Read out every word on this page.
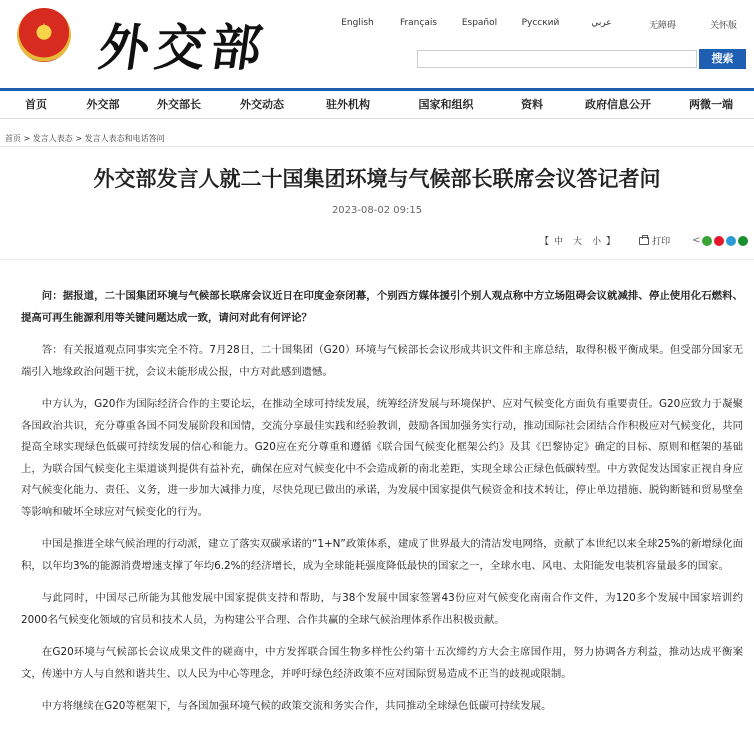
★ 外交部	English	Français	Español	Русский	عربي	无障碍	关怀版
搜索
首页	外交部	外交部长	外交动态	驻外机构	国家和组织	资料	政府信息公开	两微一端
首页 > 发言人表态 > 发言人表态和电话答问
外交部发言人就二十国集团环境与气候部长联席会议答记者问
2023-08-02 09:15
【 中 大 小 】	打印 <

问：据报道，二十国集团环境与气候部长联席会议近日在印度金奈闭幕，个别西方媒体援引个别人观点称中方立场阻碍会议就减排、停止使用化石燃料、提高可再生能源利用等关键问题达成一致，请问对此有何评论？

答：有关报道观点同事实完全不符。7月28日，二十国集团（G20）环境与气候部长会议形成共识文件和主席总结，取得积极平衡成果。但受部分国家无端引入地缘政治问题干扰，会议未能形成公报，中方对此感到遗憾。

中方认为，G20作为国际经济合作的主要论坛，在推动全球可持续发展，统筹经济发展与环境保护、应对气候变化方面负有重要责任。G20应致力于凝聚各国政治共识，充分尊重各国不同发展阶段和国情，交流分享最佳实践和经验教训，鼓励各国加强务实行动，推动国际社会团结合作积极应对气候变化，共同提高全球实现绿色低碳可持续发展的信心和能力。G20应在充分尊重和遵循《联合国气候变化框架公约》及其《巴黎协定》确定的目标、原则和框架的基础上，为联合国气候变化主渠道谈判提供有益补充，确保在应对气候变化中不会造成新的南北差距，实现全球公正绿色低碳转型。中方敦促发达国家正视自身应对气候变化能力、责任、义务，进一步加大减排力度，尽快兑现已做出的承诺，为发展中国家提供气候资金和技术转让，停止单边措施、脱钩断链和贸易壁垒等影响和破坏全球应对气候变化的行为。

中国是推进全球气候治理的行动派，建立了落实双碳承诺的“1+N”政策体系，建成了世界最大的清洁发电网络，贡献了本世纪以来全球25%的新增绿化面积，以年均3%的能源消费增速支撑了年均6.2%的经济增长，成为全球能耗强度降低最快的国家之一，全球水电、风电、太阳能发电装机容量最多的国家。

与此同时，中国尽己所能为其他发展中国家提供支持和帮助，与38个发展中国家签署43份应对气候变化南南合作文件，为120多个发展中国家培训约2000名气候变化领域的官员和技术人员，为构建公平合理、合作共赢的全球气候治理体系作出积极贡献。

在G20环境与气候部长会议成果文件的磋商中，中方发挥联合国生物多样性公约第十五次缔约方大会主席国作用，努力协调各方利益，推动达成平衡案文，传递中方人与自然和谐共生、以人民为中心等理念，并呼吁绿色经济政策不应对国际贸易造成不正当的歧视或限制。

中方将继续在G20等框架下，与各国加强环境气候的政策交流和务实合作，共同推动全球绿色低碳可持续发展。
